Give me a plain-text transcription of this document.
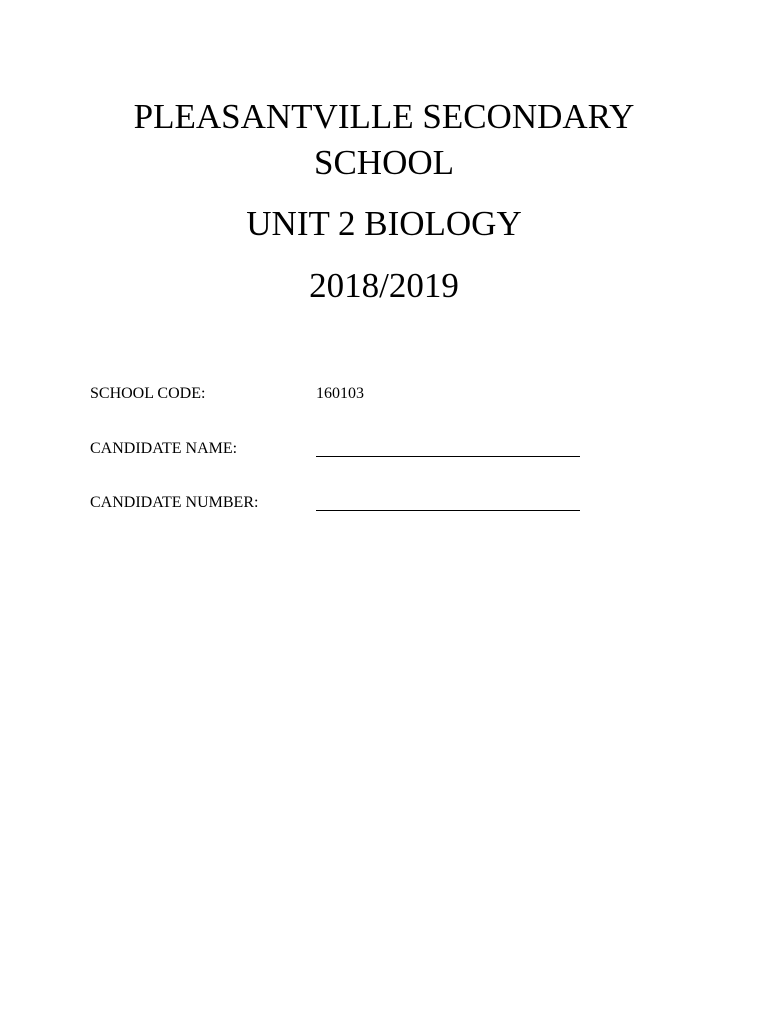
PLEASANTVILLE SECONDARY
SCHOOL
UNIT 2 BIOLOGY
2018/2019
SCHOOL CODE:	160103
CANDIDATE NAME:
CANDIDATE NUMBER:
